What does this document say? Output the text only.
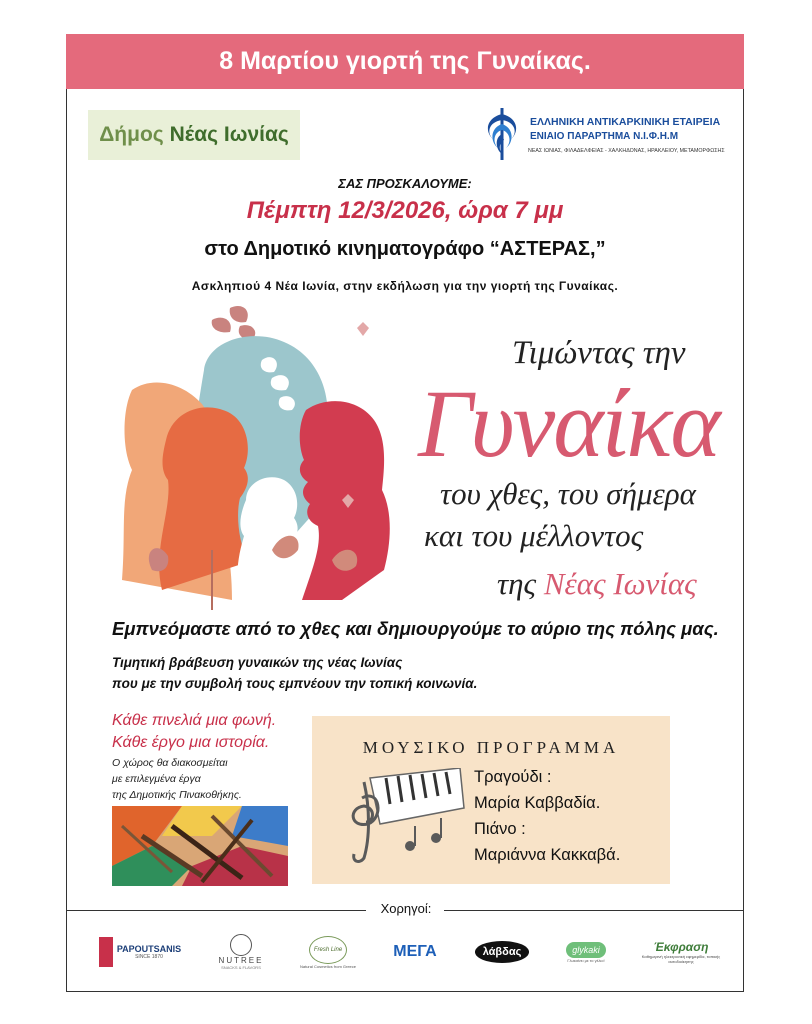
8 Μαρτίου γιορτή της Γυναίκας.
Δήμος Νέας Ιωνίας
ΕΛΛΗΝΙΚΗ ΑΝΤΙΚΑΡΚΙΝΙΚΗ ΕΤΑΙΡΕΙΑ
ΕΝΙΑΙΟ ΠΑΡΑΡΤΗΜΑ Ν.Ι.Φ.Η.Μ
ΝΕΑΣ ΙΩΝΙΑΣ, ΦΙΛΑΔΕΛΦΕΙΑΣ - ΧΑΛΚΗΔΟΝΑΣ, ΗΡΑΚΛΕΙΟΥ, ΜΕΤΑΜΟΡΦΩΣΗΣ
ΣΑΣ ΠΡΟΣΚΑΛΟΥΜΕ:
Πέμπτη 12/3/2026, ώρα 7 μμ
στο Δημοτικό κινηματογράφο “ΑΣΤΕΡΑΣ,”
Ασκληπιού 4 Νέα Ιωνία, στην εκδήλωση για την γιορτή της Γυναίκας.
Τιμώντας την
Γυναίκα
του χθες, του σήμερα
και του μέλλοντος
της Νέας Ιωνίας
Εμπνεόμαστε από το χθες και δημιουργούμε το αύριο της πόλης μας.
Τιμητική βράβευση γυναικών της νέας Ιωνίας
που με την συμβολή τους εμπνέουν την τοπική κοινωνία.
Κάθε πινελιά μια φωνή.
Κάθε έργο μια ιστορία.
Ο χώρος θα διακοσμείται
με επιλεγμένα έργα
της Δημοτικής Πινακοθήκης.
ΜΟΥΣΙΚΟ ΠΡΟΓΡΑΜΜΑ
Τραγούδι :
Μαρία Καββαδία.
Πιάνο :
Μαριάννα Κακκαβά.
Χορηγοί:
PAPOUTSANIS
SINCE 1870	NUTREE
SNACKS & FLAVORS
Fresh Line
Natural Cosmetics from Greece
ΜΕΓΑ	λάβδας	glykaki
Γλυκαίνει με το γέλιο!
Έκφραση
Καθημερινή ηλεκτρονική εφημερίδα, τοπικής αυτοδιοίκησης
